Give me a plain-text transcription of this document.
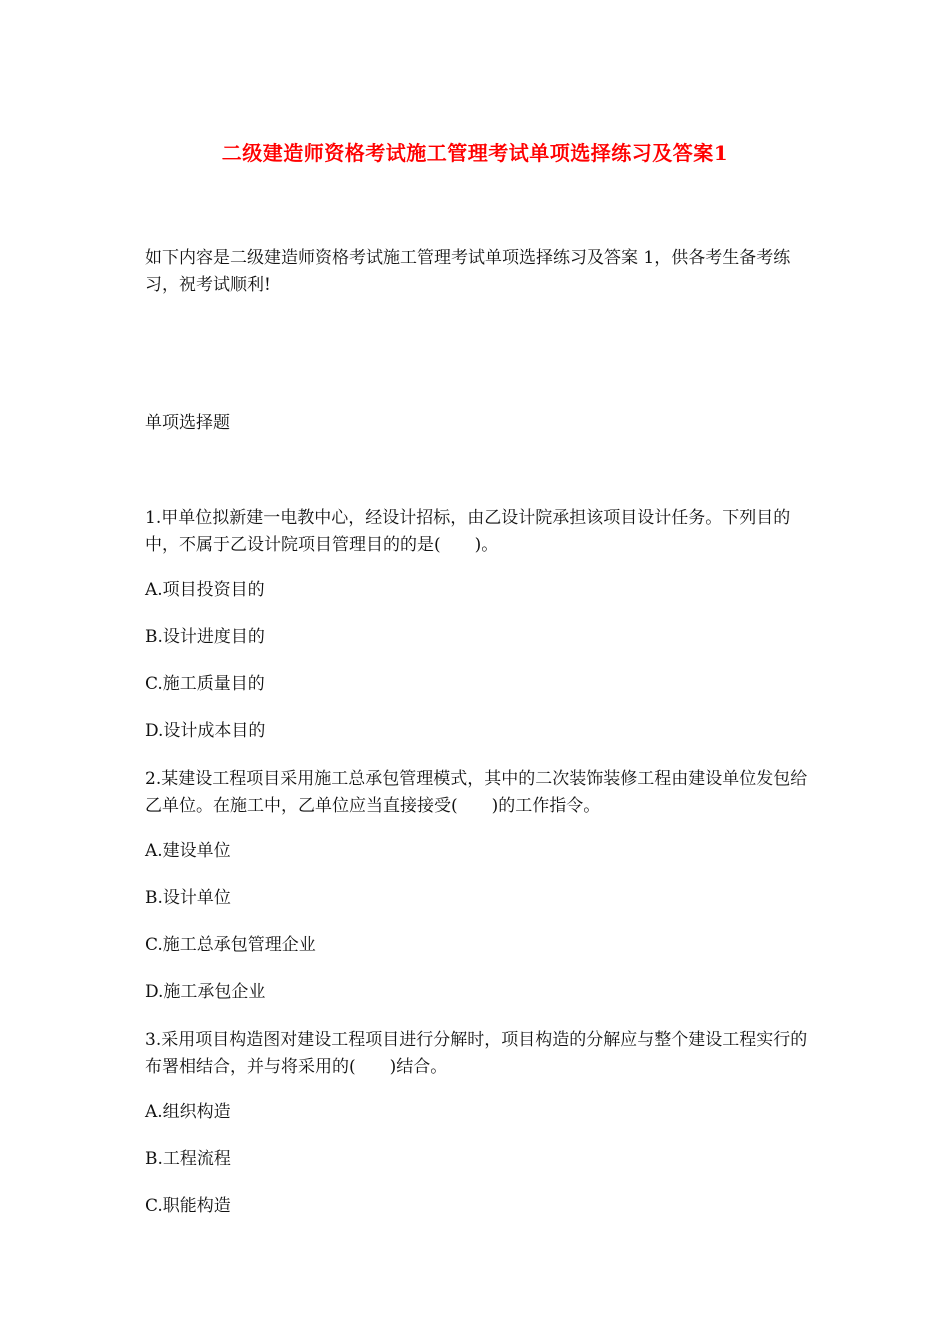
二级建造师资格考试施工管理考试单项选择练习及答案1

如下内容是二级建造师资格考试施工管理考试单项选择练习及答案 1，供各考生备考练习，祝考试顺利!

单项选择题

1.甲单位拟新建一电教中心，经设计招标，由乙设计院承担该项目设计任务。下列目的中，不属于乙设计院项目管理目的的是(　　)。

A.项目投资目的

B.设计进度目的

C.施工质量目的

D.设计成本目的

2.某建设工程项目采用施工总承包管理模式，其中的二次装饰装修工程由建设单位发包给乙单位。在施工中，乙单位应当直接接受(　　)的工作指令。

A.建设单位

B.设计单位

C.施工总承包管理企业

D.施工承包企业

3.采用项目构造图对建设工程项目进行分解时，项目构造的分解应与整个建设工程实行的布署相结合，并与将采用的(　　)结合。

A.组织构造

B.工程流程

C.职能构造
